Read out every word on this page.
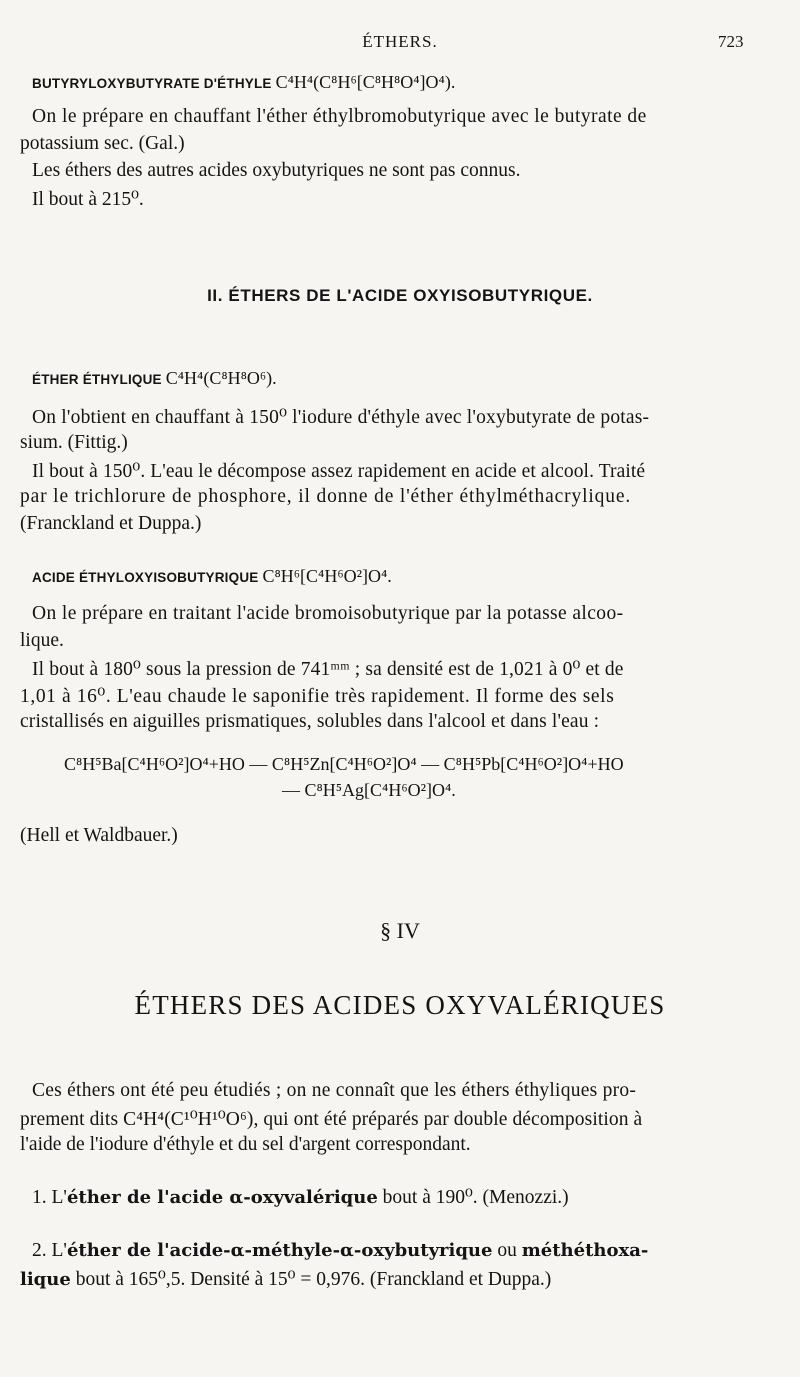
ÉTHERS.	723
BUTYRYLOXYBUTYRATE D'ÉTHYLE C⁴H⁴(C⁸H⁶[C⁸H⁸O⁴]O⁴).
On le prépare en chauffant l'éther éthylbromobutyrique avec le butyrate de
potassium sec. (Gal.)
Les éthers des autres acides oxybutyriques ne sont pas connus.
Il bout à 215⁰.
II. ÉTHERS DE L'ACIDE OXYISOBUTYRIQUE.
ÉTHER ÉTHYLIQUE C⁴H⁴(C⁸H⁸O⁶).
On l'obtient en chauffant à 150⁰ l'iodure d'éthyle avec l'oxybutyrate de potas-
sium. (Fittig.)
Il bout à 150⁰. L'eau le décompose assez rapidement en acide et alcool. Traité
par le trichlorure de phosphore, il donne de l'éther éthylméthacrylique.
(Franckland et Duppa.)
ACIDE ÉTHYLOXYISOBUTYRIQUE C⁸H⁶[C⁴H⁶O²]O⁴.
On le prépare en traitant l'acide bromoisobutyrique par la potasse alcoo-
lique.
Il bout à 180⁰ sous la pression de 741ᵐᵐ ; sa densité est de 1,021 à 0⁰ et de
1,01 à 16⁰. L'eau chaude le saponifie très rapidement. Il forme des sels
cristallisés en aiguilles prismatiques, solubles dans l'alcool et dans l'eau :
C⁸H⁵Ba[C⁴H⁶O²]O⁴+HO — C⁸H⁵Zn[C⁴H⁶O²]O⁴ — C⁸H⁵Pb[C⁴H⁶O²]O⁴+HO
— C⁸H⁵Ag[C⁴H⁶O²]O⁴.
(Hell et Waldbauer.)
§ IV
ÉTHERS DES ACIDES OXYVALÉRIQUES
Ces éthers ont été peu étudiés ; on ne connaît que les éthers éthyliques pro-
prement dits C⁴H⁴(C¹⁰H¹⁰O⁶), qui ont été préparés par double décomposition à
l'aide de l'iodure d'éthyle et du sel d'argent correspondant.
1. L'éther de l'acide α-oxyvalérique bout à 190⁰. (Menozzi.)
2. L'éther de l'acide-α-méthyle-α-oxybutyrique ou méthéthoxa-
lique bout à 165⁰,5. Densité à 15⁰ = 0,976. (Franckland et Duppa.)
